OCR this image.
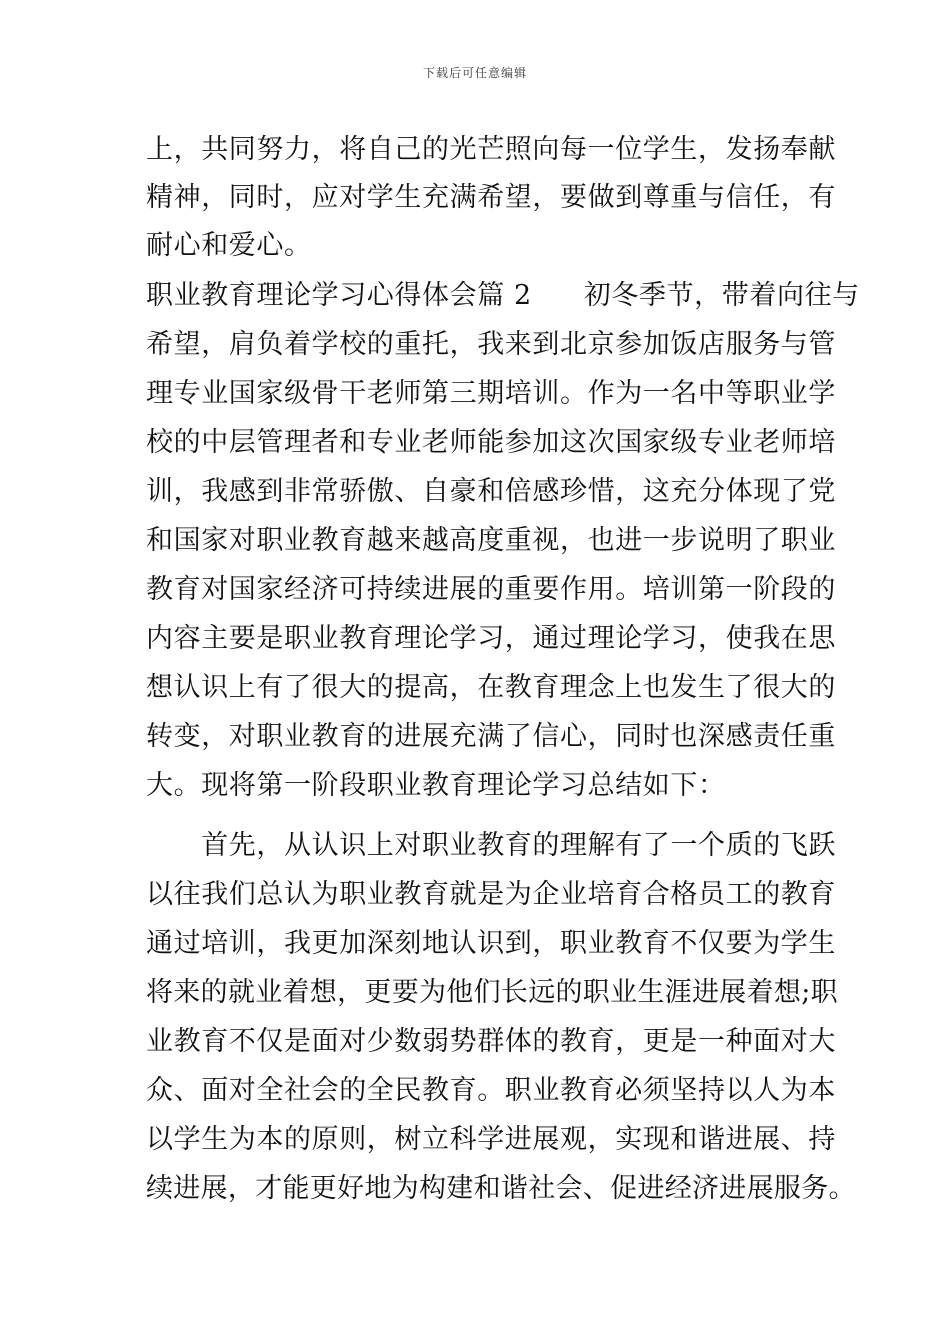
下载后可任意编辑
上，共同努力，将自己的光芒照向每一位学生，发扬奉献
精神，同时，应对学生充满希望，要做到尊重与信任，有
耐心和爱心。
职业教育理论学习心得体会篇 2 初冬季节，带着向往与
希望，肩负着学校的重托，我来到北京参加饭店服务与管
理专业国家级骨干老师第三期培训。作为一名中等职业学
校的中层管理者和专业老师能参加这次国家级专业老师培
训，我感到非常骄傲、自豪和倍感珍惜，这充分体现了党
和国家对职业教育越来越高度重视，也进一步说明了职业
教育对国家经济可持续进展的重要作用。培训第一阶段的
内容主要是职业教育理论学习，通过理论学习，使我在思
想认识上有了很大的提高，在教育理念上也发生了很大的
转变，对职业教育的进展充满了信心，同时也深感责任重
大。现将第一阶段职业教育理论学习总结如下：
　　首先，从认识上对职业教育的理解有了一个质的飞跃
以往我们总认为职业教育就是为企业培育合格员工的教育
通过培训，我更加深刻地认识到，职业教育不仅要为学生
将来的就业着想，更要为他们长远的职业生涯进展着想;职
业教育不仅是面对少数弱势群体的教育，更是一种面对大
众、面对全社会的全民教育。职业教育必须坚持以人为本
以学生为本的原则，树立科学进展观，实现和谐进展、持
续进展，才能更好地为构建和谐社会、促进经济进展服务。
